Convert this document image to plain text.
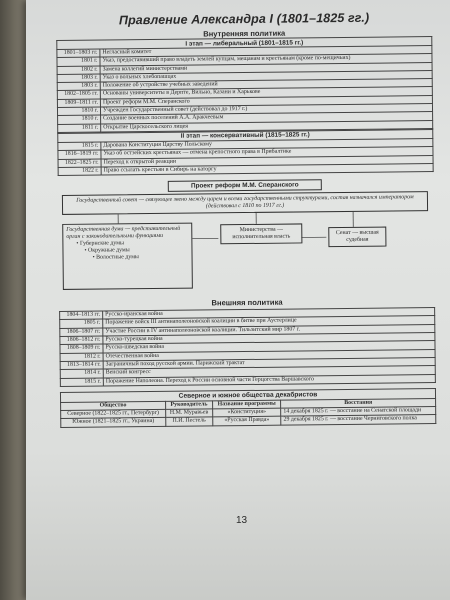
Правление Александра I (1801–1825 гг.)
Внутренняя политика
I этап — либеральный (1801–1815 гг.)
1801–1803 гг.	Негласный комитет
1801 г.	Указ, предоставивший право владеть землей купцам, мещанам и крестьянам (кроме по-мещичьих)
1802 г.	Замена коллегий министерствами
1803 г.	Указ о вольных хлебопашцах
1803 г.	Положение об устройстве учебных заведений
1802–1805 гг.	Основаны университеты в Дерпте, Вильно, Казани и Харькове
1809–1811 гг.	Проект реформ М.М. Сперанского
1810 г.	Учрежден Государственный совет (действовал до 1917 г.)
1810 г.	Создание военных поселений А.А. Аракчеевым
1811 г.	Открытие Царскосельского лицея
II этап — консервативный (1815–1825 гг.)
1815 г.	Дарована Конституция Царству Польскому
1816–1819 гг.	Указ об остзейских крестьянах — отмена крепостного права в Прибалтике
1822–1825 гг.	Переход к открытой реакции
1822 г.	Право ссылать крестьян в Сибирь на каторгу
Проект реформ М.М. Сперанского
Государственный совет — связующее звено между царем и всеми государственными структурами, состав назначался императором (действовал с 1810 по 1917 гг.)
Государственная дума — представительный орган с законодательными функциями
• Губернские думы
• Окружные думы
• Волостные думы
Министерства — исполнительная власть
Сенат — высшая судебная
Внешняя политика
1804–1813 гг.	Русско-иранская война
1805 г.	Поражение войск III антинаполеоновской коалиции в битве при Аустерлице
1806–1807 гг.	Участие России в IV антинаполеоновской коалиции. Тильзитский мир 1807 г.
1806–1812 гг.	Русско-турецкая война
1808–1809 гг.	Русско-шведская война
1812 г.	Отечественная война
1813–1814 гг.	Заграничный поход русской армии. Парижский трактат
1814 г.	Венский конгресс
1815 г.	Поражение Наполеона. Переход к России основной части Герцогства Варшавского
Северное и южное общества декабристов
Общество	Руководитель	Название программы	Восстания
Северное (1822–1825 гг., Петербург)	Н.М. Муравьев	«Конституция»	14 декабря 1825 г. — восстание на Сенатской площади
Южное (1821–1825 гг., Украина)	П.И. Пестель	«Русская Правда»	29 декабря 1825 г. — восстание Черниговского полка
13
